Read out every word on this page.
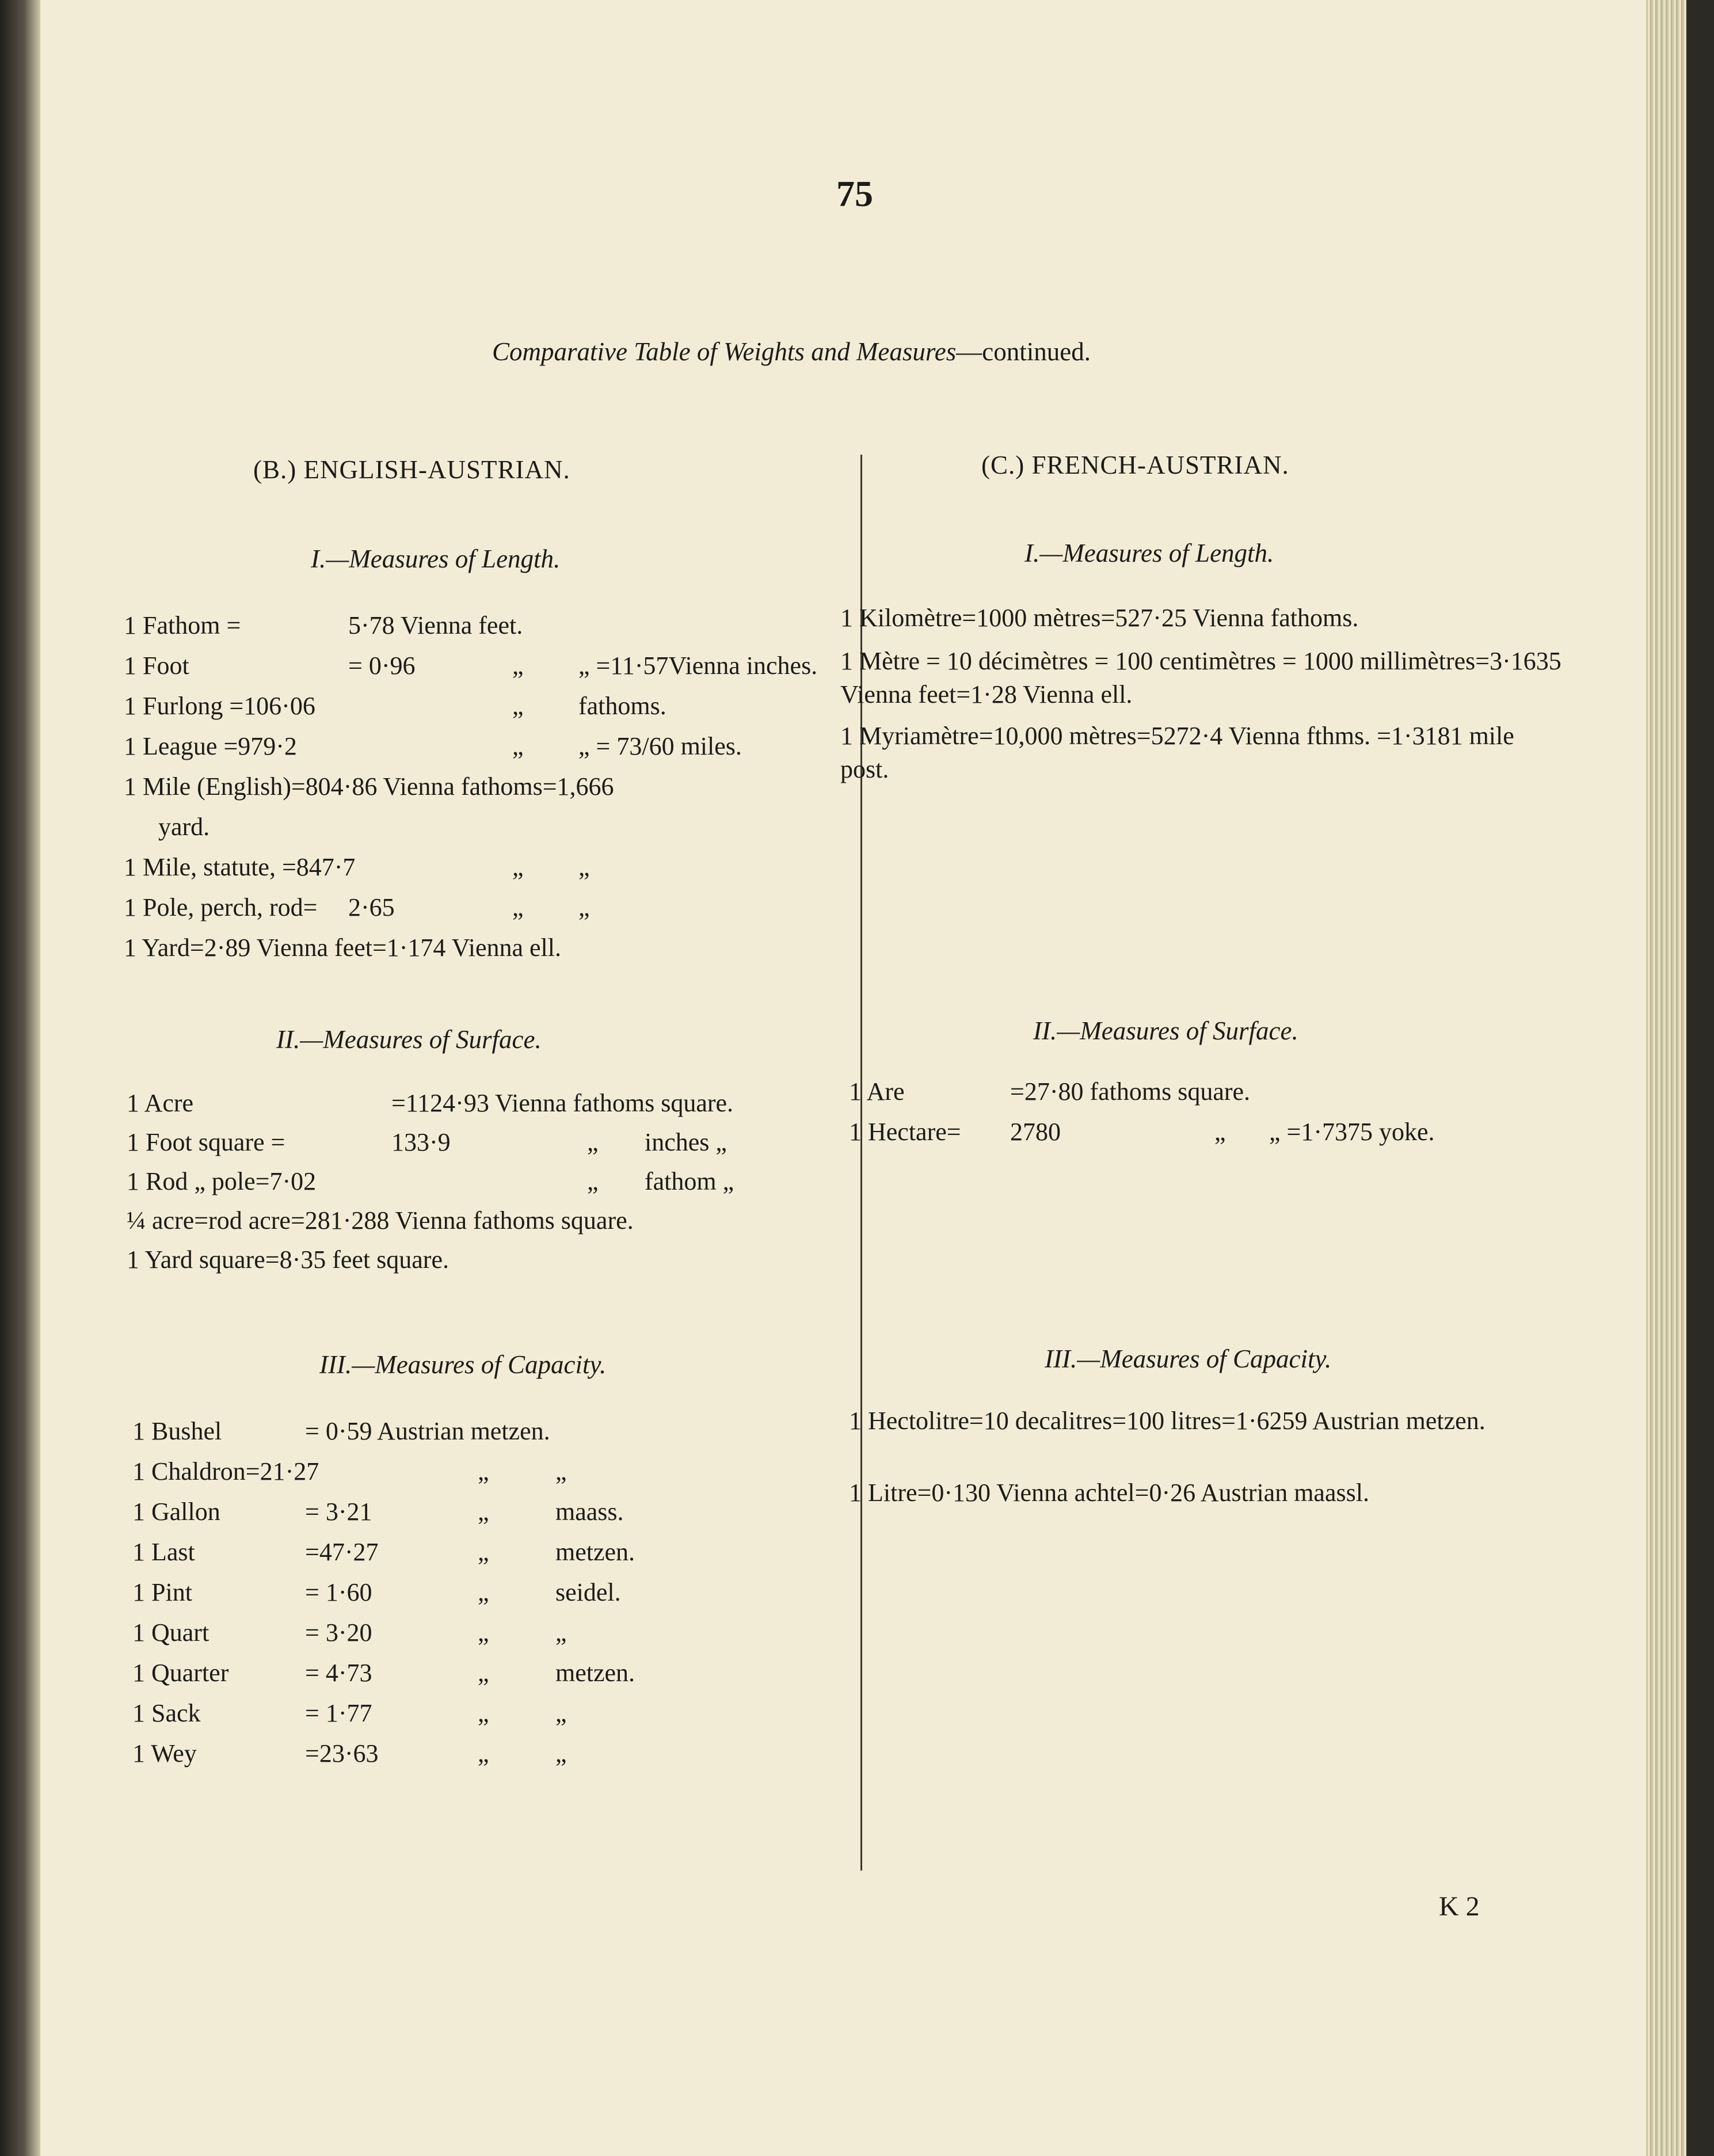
75
Comparative Table of Weights and Measures—continued.
(B.) ENGLISH-AUSTRIAN.
I.—Measures of Length.
1 Fathom =	5·78 Vienna feet.
1 Foot	= 0·96	„ „ =11·57Vienna inches.
1 Furlong =106·06	„ fathoms.
1 League =979·2	„ „ = 73/60 miles.
1 Mile (English)=804·86 Vienna fathoms=1,666
yard.
1 Mile, statute, =847·7	„ „
1 Pole, perch, rod= 2·65	„ „
1 Yard=2·89 Vienna feet=1·174 Vienna ell.
II.—Measures of Surface.
1 Acre	=1124·93 Vienna fathoms square.
1 Foot square =	133·9	„ inches „
1 Rod „ pole=7·02	„ fathom „
¼ acre=rod acre=281·288 Vienna fathoms square.
1 Yard square=8·35 feet square.
III.—Measures of Capacity.
1 Bushel	= 0·59 Austrian metzen.
1 Chaldron=21·27	„	„
1 Gallon	= 3·21	„	maass.
1 Last	=47·27	„	metzen.
1 Pint	= 1·60	„	seidel.
1 Quart	= 3·20	„	„
1 Quarter	= 4·73	„	metzen.
1 Sack	= 1·77	„	„
1 Wey	=23·63	„	„
(C.) FRENCH-AUSTRIAN.
I.—Measures of Length.
1 Kilomètre=1000 mètres=527·25 Vienna fathoms.
1 Mètre = 10 décimètres = 100 centimètres = 1000 millimètres=3·1635 Vienna feet=1·28 Vienna ell.
1 Myriamètre=10,000 mètres=5272·4 Vienna fthms. =1·3181 mile post.
II.—Measures of Surface.
1 Are	=27·80 fathoms square.
1 Hectare= 2780	„ „ =1·7375 yoke.
III.—Measures of Capacity.
1 Hectolitre=10 decalitres=100 litres=1·6259 Austrian metzen.
1 Litre=0·130 Vienna achtel=0·26 Austrian maassl.
K 2
